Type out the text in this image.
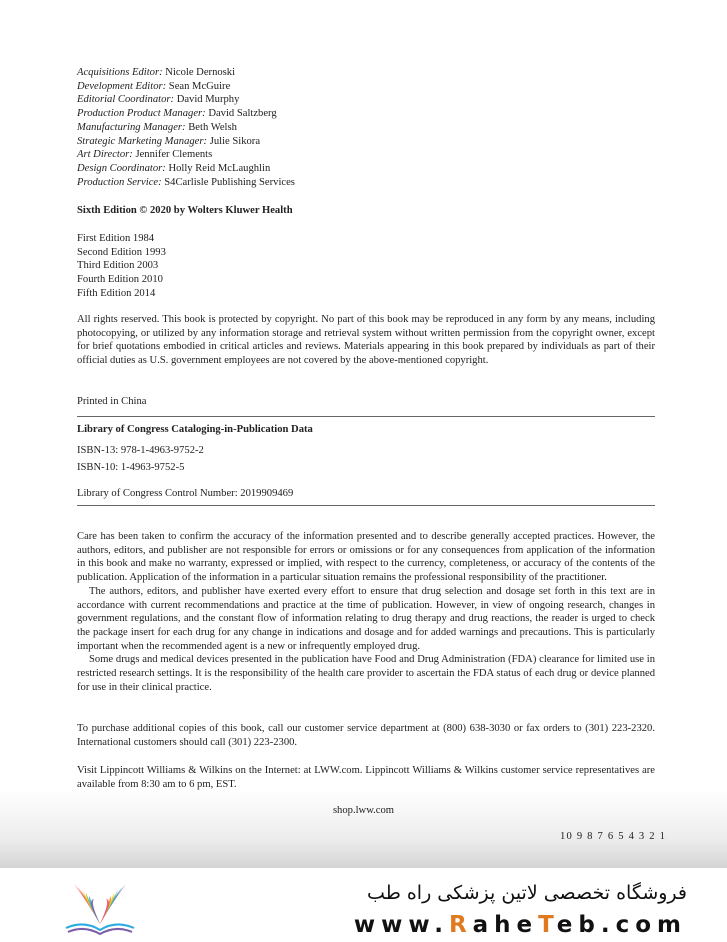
Acquisitions Editor: Nicole Dernoski
Development Editor: Sean McGuire
Editorial Coordinator: David Murphy
Production Product Manager: David Saltzberg
Manufacturing Manager: Beth Welsh
Strategic Marketing Manager: Julie Sikora
Art Director: Jennifer Clements
Design Coordinator: Holly Reid McLaughlin
Production Service: S4Carlisle Publishing Services
Sixth Edition © 2020 by Wolters Kluwer Health
First Edition 1984
Second Edition 1993
Third Edition 2003
Fourth Edition 2010
Fifth Edition 2014

All rights reserved. This book is protected by copyright. No part of this book may be reproduced in any form by any means, including photocopying, or utilized by any information storage and retrieval system without written permission from the copyright owner, except for brief quotations embodied in critical articles and reviews. Materials appearing in this book prepared by individuals as part of their official duties as U.S. government employees are not covered by the above-mentioned copyright.

Printed in China
Library of Congress Cataloging-in-Publication Data
ISBN-13: 978-1-4963-9752-2
ISBN-10: 1-4963-9752-5
Library of Congress Control Number: 2019909469

Care has been taken to confirm the accuracy of the information presented and to describe generally accepted practices. However, the authors, editors, and publisher are not responsible for errors or omissions or for any consequences from application of the information in this book and make no warranty, expressed or implied, with respect to the currency, completeness, or accuracy of the contents of the publication. Application of the information in a particular situation remains the professional responsibility of the practitioner.

The authors, editors, and publisher have exerted every effort to ensure that drug selection and dosage set forth in this text are in accordance with current recommendations and practice at the time of publication. However, in view of ongoing research, changes in government regulations, and the constant flow of information relating to drug therapy and drug reactions, the reader is urged to check the package insert for each drug for any change in indications and dosage and for added warnings and precautions. This is particularly important when the recommended agent is a new or infrequently employed drug.

Some drugs and medical devices presented in the publication have Food and Drug Administration (FDA) clearance for limited use in restricted research settings. It is the responsibility of the health care provider to ascertain the FDA status of each drug or device planned for use in their clinical practice.

To purchase additional copies of this book, call our customer service department at (800) 638-3030 or fax orders to (301) 223-2320. International customers should call (301) 223-2300.

Visit Lippincott Williams & Wilkins on the Internet: at LWW.com. Lippincott Williams & Wilkins customer service representatives are available from 8:30 am to 6 pm, EST.

shop.lww.com
10 9 8 7 6 5 4 3 2 1
فروشگاه تخصصی لاتین پزشکی راه طب
www.RaheTeb.com
